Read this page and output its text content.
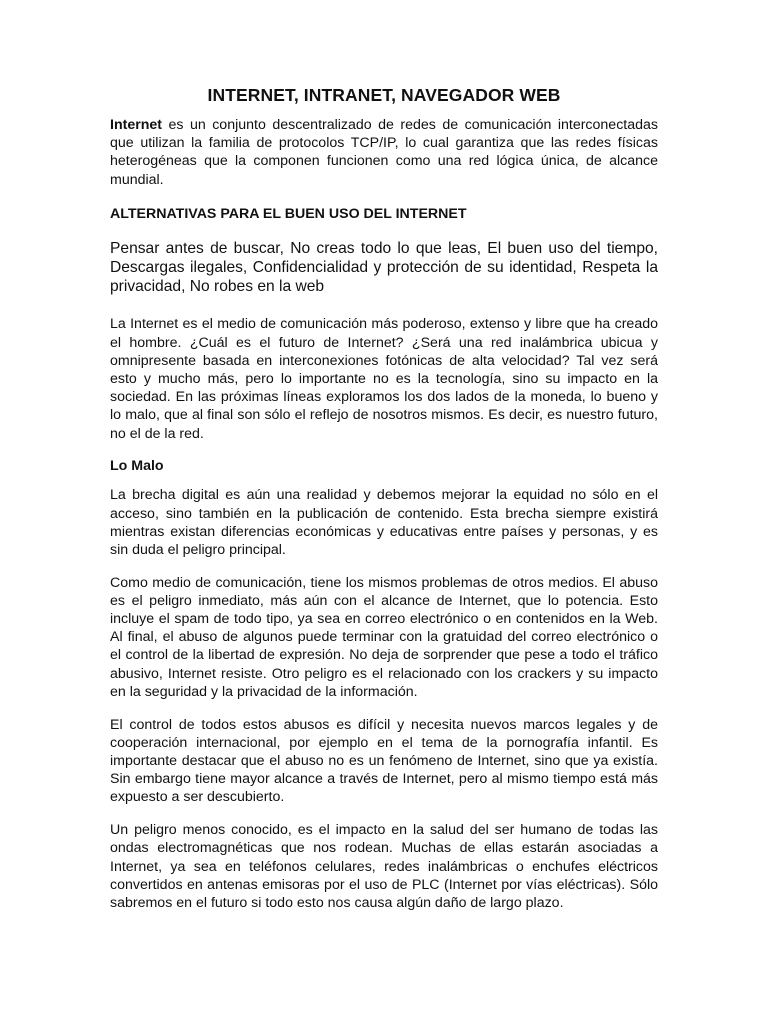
INTERNET, INTRANET, NAVEGADOR WEB

Internet es un conjunto descentralizado de redes de comunicación interconectadas que utilizan la familia de protocolos TCP/IP, lo cual garantiza que las redes físicas heterogéneas que la componen funcionen como una red lógica única, de alcance mundial.

ALTERNATIVAS PARA EL BUEN USO DEL INTERNET

Pensar antes de buscar, No creas todo lo que leas, El buen uso del tiempo, Descargas ilegales, Confidencialidad y protección de su identidad, Respeta la privacidad, No robes en la web

La Internet es el medio de comunicación más poderoso, extenso y libre que ha creado el hombre. ¿Cuál es el futuro de Internet? ¿Será una red inalámbrica ubicua y omnipresente basada en interconexiones fotónicas de alta velocidad? Tal vez será esto y mucho más, pero lo importante no es la tecnología, sino su impacto en la sociedad. En las próximas líneas exploramos los dos lados de la moneda, lo bueno y lo malo, que al final son sólo el reflejo de nosotros mismos. Es decir, es nuestro futuro, no el de la red.

Lo Malo

La brecha digital es aún una realidad y debemos mejorar la equidad no sólo en el acceso, sino también en la publicación de contenido. Esta brecha siempre existirá mientras existan diferencias económicas y educativas entre países y personas, y es sin duda el peligro principal.

Como medio de comunicación, tiene los mismos problemas de otros medios. El abuso es el peligro inmediato, más aún con el alcance de Internet, que lo potencia. Esto incluye el spam de todo tipo, ya sea en correo electrónico o en contenidos en la Web. Al final, el abuso de algunos puede terminar con la gratuidad del correo electrónico o el control de la libertad de expresión. No deja de sorprender que pese a todo el tráfico abusivo, Internet resiste. Otro peligro es el relacionado con los crackers y su impacto en la seguridad y la privacidad de la información.

El control de todos estos abusos es difícil y necesita nuevos marcos legales y de cooperación internacional, por ejemplo en el tema de la pornografía infantil. Es importante destacar que el abuso no es un fenómeno de Internet, sino que ya existía. Sin embargo tiene mayor alcance a través de Internet, pero al mismo tiempo está más expuesto a ser descubierto.

Un peligro menos conocido, es el impacto en la salud del ser humano de todas las ondas electromagnéticas que nos rodean. Muchas de ellas estarán asociadas a Internet, ya sea en teléfonos celulares, redes inalámbricas o enchufes eléctricos convertidos en antenas emisoras por el uso de PLC (Internet por vías eléctricas). Sólo sabremos en el futuro si todo esto nos causa algún daño de largo plazo.
